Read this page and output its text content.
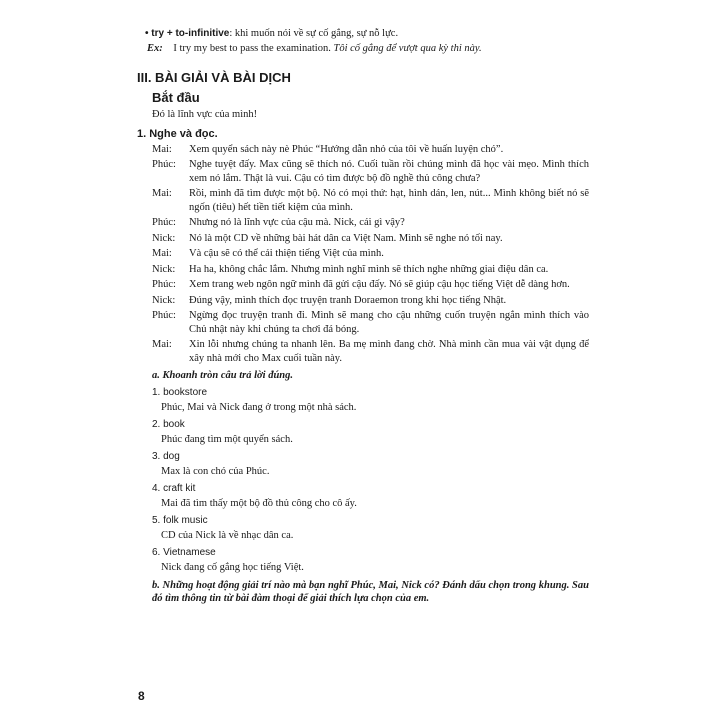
• try + to-infinitive: khi muốn nói về sự cố gắng, sự nỗ lực.
Ex: I try my best to pass the examination. Tôi cố gắng để vượt qua kỳ thi này.
III. BÀI GIẢI VÀ BÀI DỊCH
Bắt đầu
Đó là lĩnh vực của mình!
1. Nghe và đọc.
Mai:	Xem quyển sách này nè Phúc “Hướng dẫn nhỏ của tôi về huấn luyện chó”.
Phúc:	Nghe tuyệt đấy. Max cũng sẽ thích nó. Cuối tuần rồi chúng mình đã học vài mẹo. Mình thích xem nó lắm. Thật là vui. Cậu có tìm được bộ đồ nghề thủ công chưa?
Mai:	Rồi, mình đã tìm được một bộ. Nó có mọi thứ: hạt, hình dán, len, nút... Mình không biết nó sẽ ngốn (tiêu) hết tiền tiết kiệm của mình.
Phúc:	Nhưng nó là lĩnh vực của cậu mà. Nick, cái gì vậy?
Nick:	Nó là một CD về những bài hát dân ca Việt Nam. Mình sẽ nghe nó tối nay.
Mai:	Và cậu sẽ có thể cải thiện tiếng Việt của mình.
Nick:	Ha ha, không chắc lắm. Nhưng mình nghĩ mình sẽ thích nghe những giai điệu dân ca.
Phúc:	Xem trang web ngôn ngữ mình đã gửi cậu đấy. Nó sẽ giúp cậu học tiếng Việt dễ dàng hơn.
Nick:	Đúng vậy, mình thích đọc truyện tranh Doraemon trong khi học tiếng Nhật.
Phúc:	Ngừng đọc truyện tranh đi. Mình sẽ mang cho cậu những cuốn truyện ngắn mình thích vào Chủ nhật này khi chúng ta chơi đá bóng.
Mai:	Xin lỗi nhưng chúng ta nhanh lên. Ba mẹ mình đang chờ. Nhà mình cần mua vài vật dụng để xây nhà mới cho Max cuối tuần này.
a. Khoanh tròn câu trả lời đúng.
1. bookstore
Phúc, Mai và Nick đang ở trong một nhà sách.
2. book
Phúc đang tìm một quyển sách.
3. dog
Max là con chó của Phúc.
4. craft kit
Mai đã tìm thấy một bộ đồ thủ công cho cô ấy.
5. folk music
CD của Nick là về nhạc dân ca.
6. Vietnamese
Nick đang cố gắng học tiếng Việt.
b. Những hoạt động giải trí nào mà bạn nghĩ Phúc, Mai, Nick có? Đánh dấu chọn trong khung. Sau đó tìm thông tin từ bài đàm thoại để giải thích lựa chọn của em.
8
